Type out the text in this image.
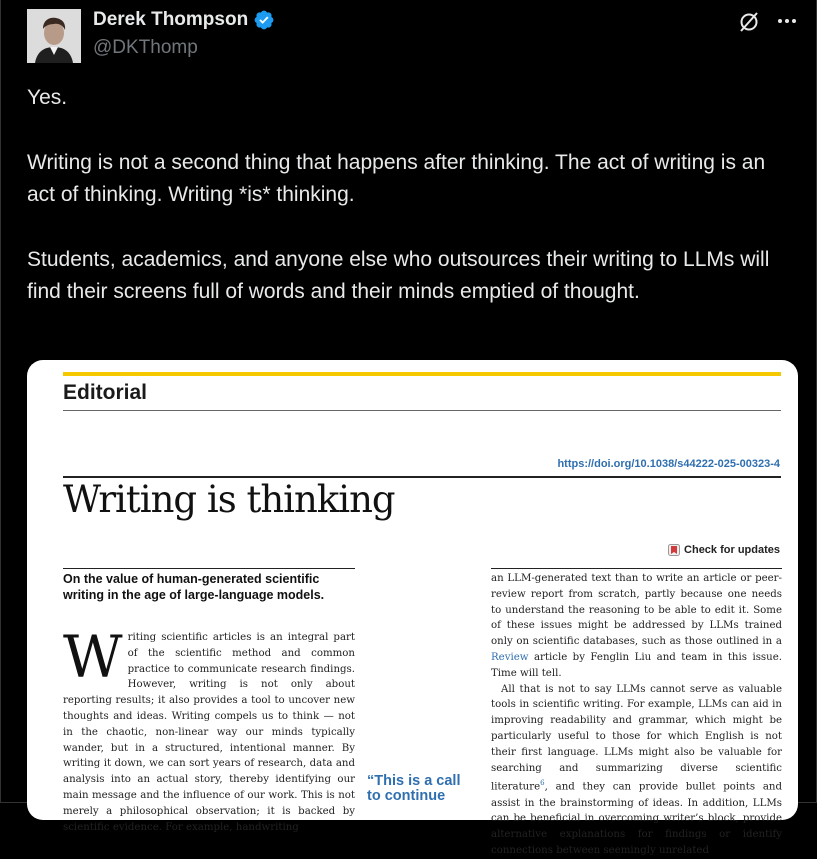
Derek Thompson
@DKThomp

Yes.

Writing is not a second thing that happens after thinking. The act of writing is an act of thinking. Writing *is* thinking.

Students, academics, and anyone else who outsources their writing to LLMs will find their screens full of words and their minds emptied of thought.

Editorial
https://doi.org/10.1038/s44222-025-00323-4
Writing is thinking
Check for updates
On the value of human-generated scientific writing in the age of large-language models.
Writing scientific articles is an integral part of the scientific method and common practice to communicate research findings. However, writing is not only about reporting results; it also provides a tool to uncover new thoughts and ideas. Writing compels us to think — not in the chaotic, non-linear way our minds typically wander, but in a structured, intentional manner. By writing it down, we can sort years of research, data and analysis into an actual story, thereby identifying our main message and the influence of our work. This is not merely a philosophical observation; it is backed by scientific evidence. For example, handwriting
“This is a call to continue
an LLM-generated text than to write an article or peer-review report from scratch, partly because one needs to understand the reasoning to be able to edit it. Some of these issues might be addressed by LLMs trained only on scientific databases, such as those outlined in a Review article by Fenglin Liu and team in this issue. Time will tell.
All that is not to say LLMs cannot serve as valuable tools in scientific writing. For example, LLMs can aid in improving readability and grammar, which might be particularly useful to those for which English is not their first language. LLMs might also be valuable for searching and summarizing diverse scientific literature$^6$, and they can provide bullet points and assist in the brainstorming of ideas. In addition, LLMs can be beneficial in overcoming writer’s block, provide alternative explanations for findings or identify connections between seemingly unrelated
